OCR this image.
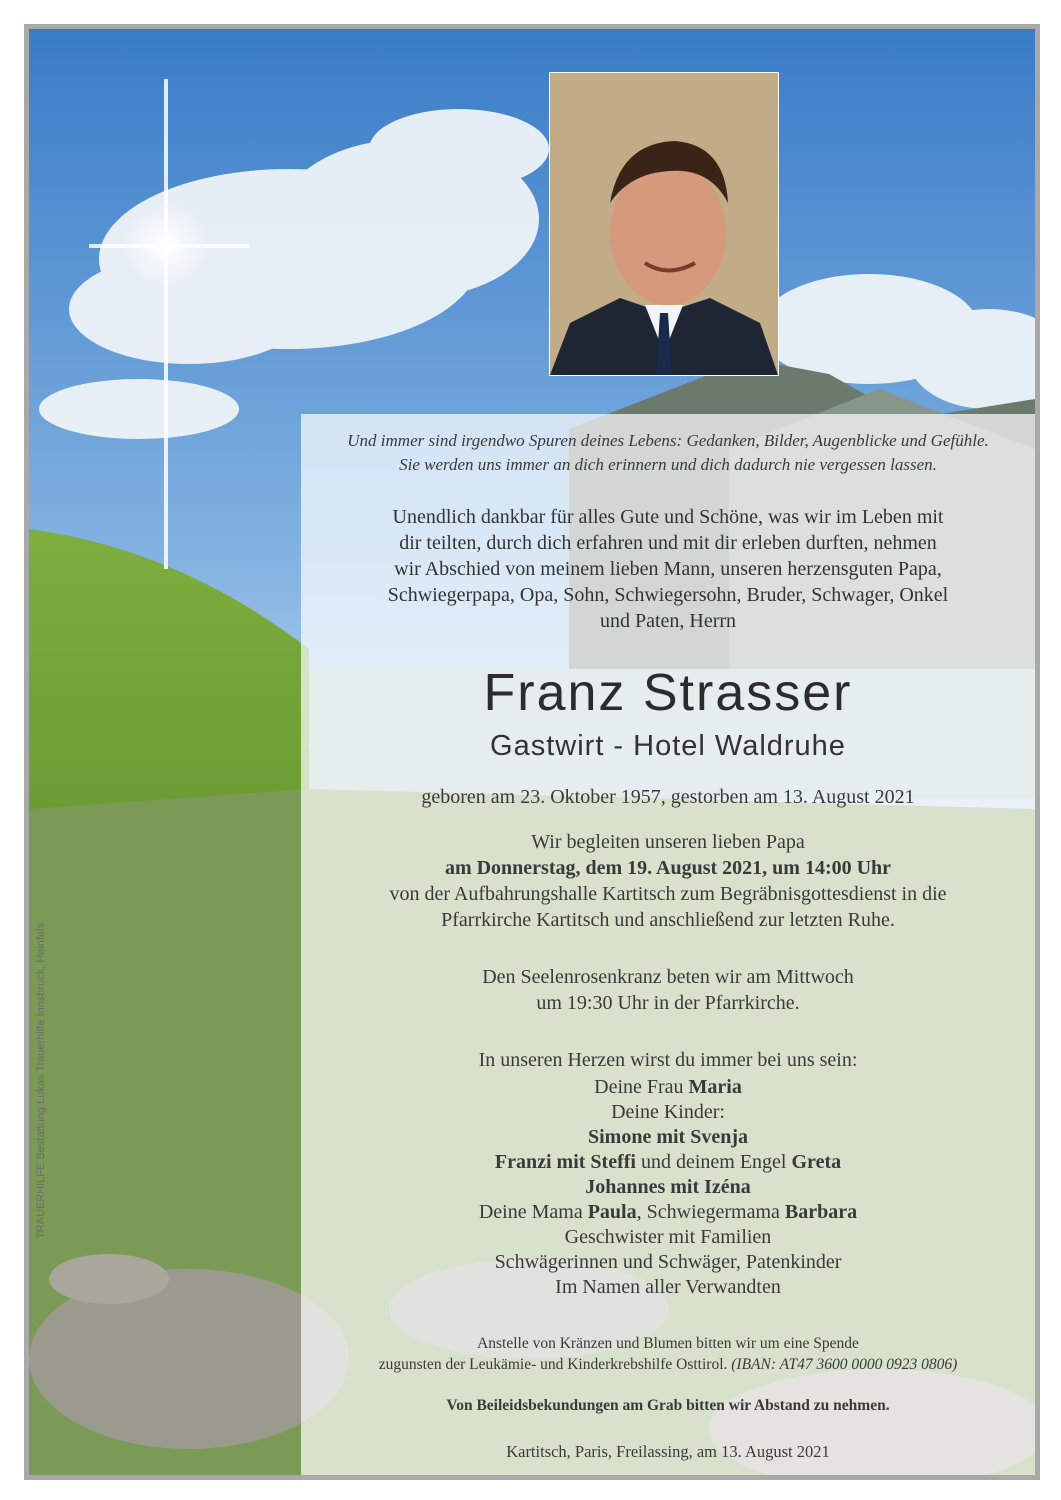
Und immer sind irgendwo Spuren deines Lebens: Gedanken, Bilder, Augenblicke und Gefühle.
Sie werden uns immer an dich erinnern und dich dadurch nie vergessen lassen.
Unendlich dankbar für alles Gute und Schöne, was wir im Leben mit
dir teilten, durch dich erfahren und mit dir erleben durften, nehmen
wir Abschied von meinem lieben Mann, unseren herzensguten Papa,
Schwiegerpapa, Opa, Sohn, Schwiegersohn, Bruder, Schwager, Onkel
und Paten, Herrn
Franz Strasser
Gastwirt - Hotel Waldruhe
geboren am 23. Oktober 1957, gestorben am 13. August 2021
Wir begleiten unseren lieben Papa
am Donnerstag, dem 19. August 2021, um 14:00 Uhr
von der Aufbahrungshalle Kartitsch zum Begräbnisgottesdienst in die
Pfarrkirche Kartitsch und anschließend zur letzten Ruhe.
Den Seelenrosenkranz beten wir am Mittwoch
um 19:30 Uhr in der Pfarrkirche.
In unseren Herzen wirst du immer bei uns sein:
Deine Frau Maria
Deine Kinder:
Simone mit Svenja
Franzi mit Steffi und deinem Engel Greta
Johannes mit Izéna
Deine Mama Paula, Schwiegermama Barbara
Geschwister mit Familien
Schwägerinnen und Schwäger, Patenkinder
Im Namen aller Verwandten
Anstelle von Kränzen und Blumen bitten wir um eine Spende
zugunsten der Leukämie- und Kinderkrebshilfe Osttirol. (IBAN: AT47 3600 0000 0923 0806)
Von Beileidsbekundungen am Grab bitten wir Abstand zu nehmen.
Kartitsch, Paris, Freilassing, am 13. August 2021
TRAUERHILFE Bestattung Lukas Trauerhilfe Innsbruck, Heinfels
